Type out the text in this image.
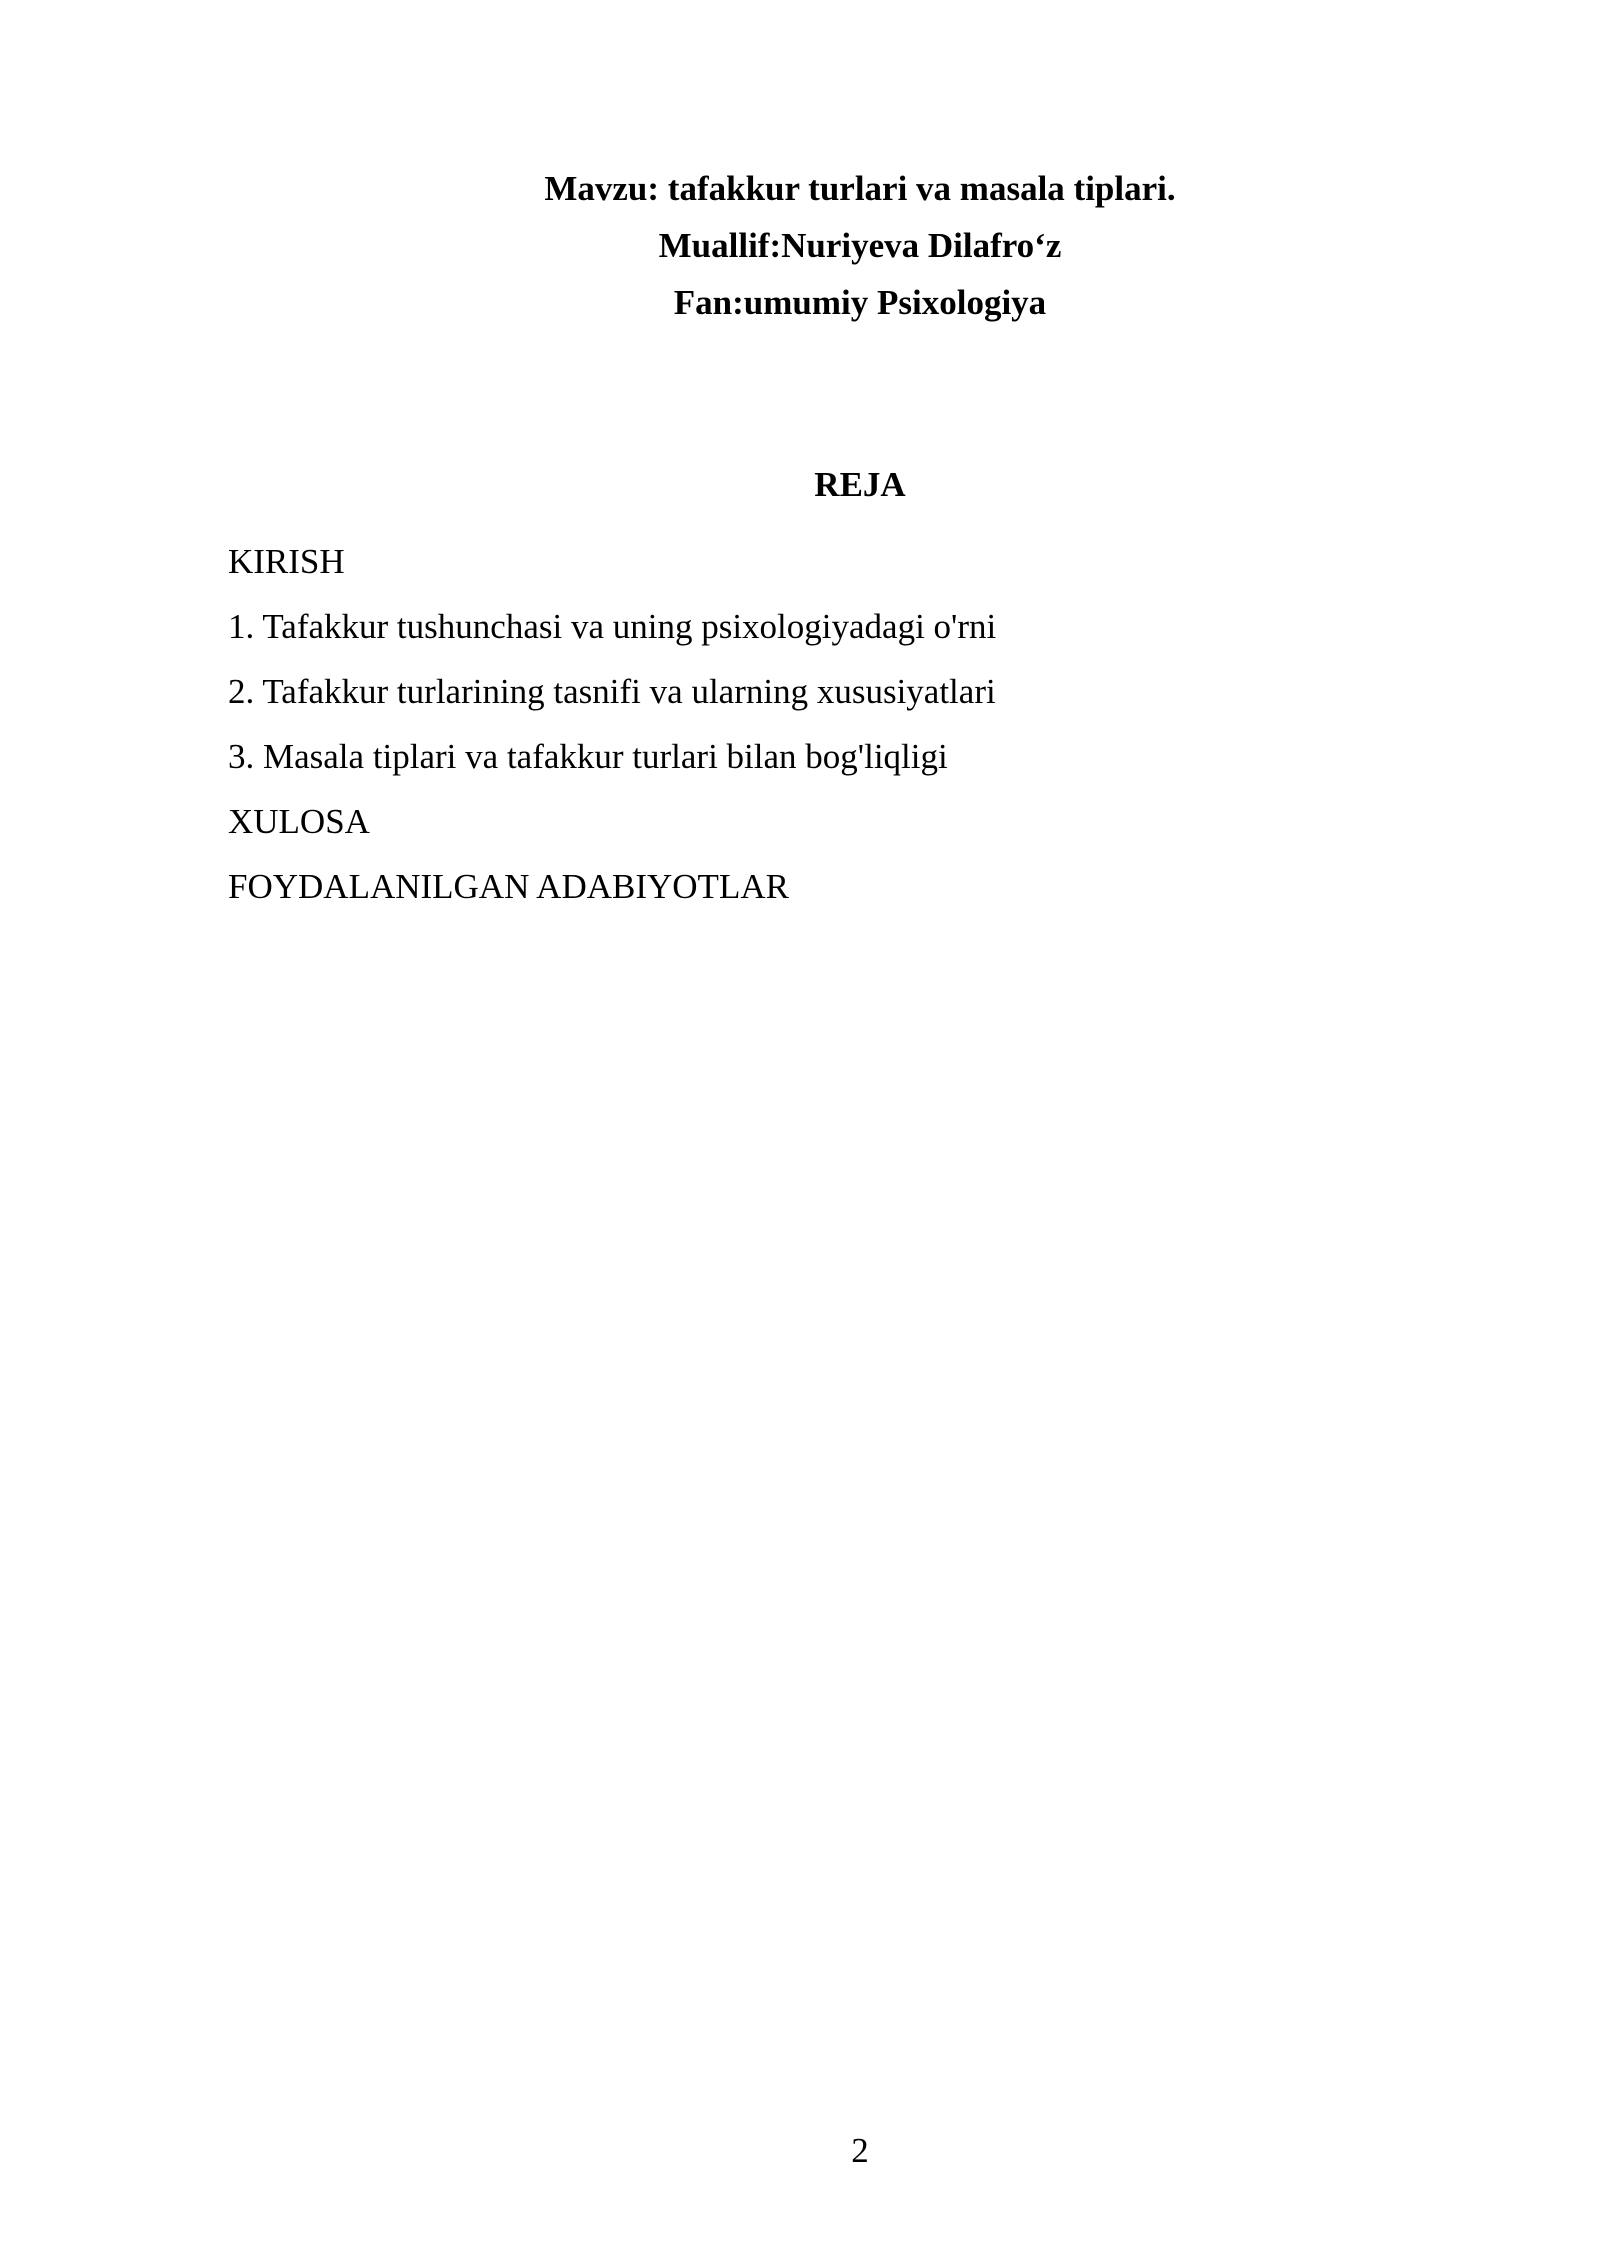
Mavzu: tafakkur turlari va masala tiplari.
Muallif:Nuriyeva Dilafro‘z
Fan:umumiy Psixologiya
REJA
KIRISH
1. Tafakkur tushunchasi va uning psixologiyadagi o'rni
2. Tafakkur turlarining tasnifi va ularning xususiyatlari
3. Masala tiplari va tafakkur turlari bilan bog'liqligi
XULOSA
FOYDALANILGAN ADABIYOTLAR
2
